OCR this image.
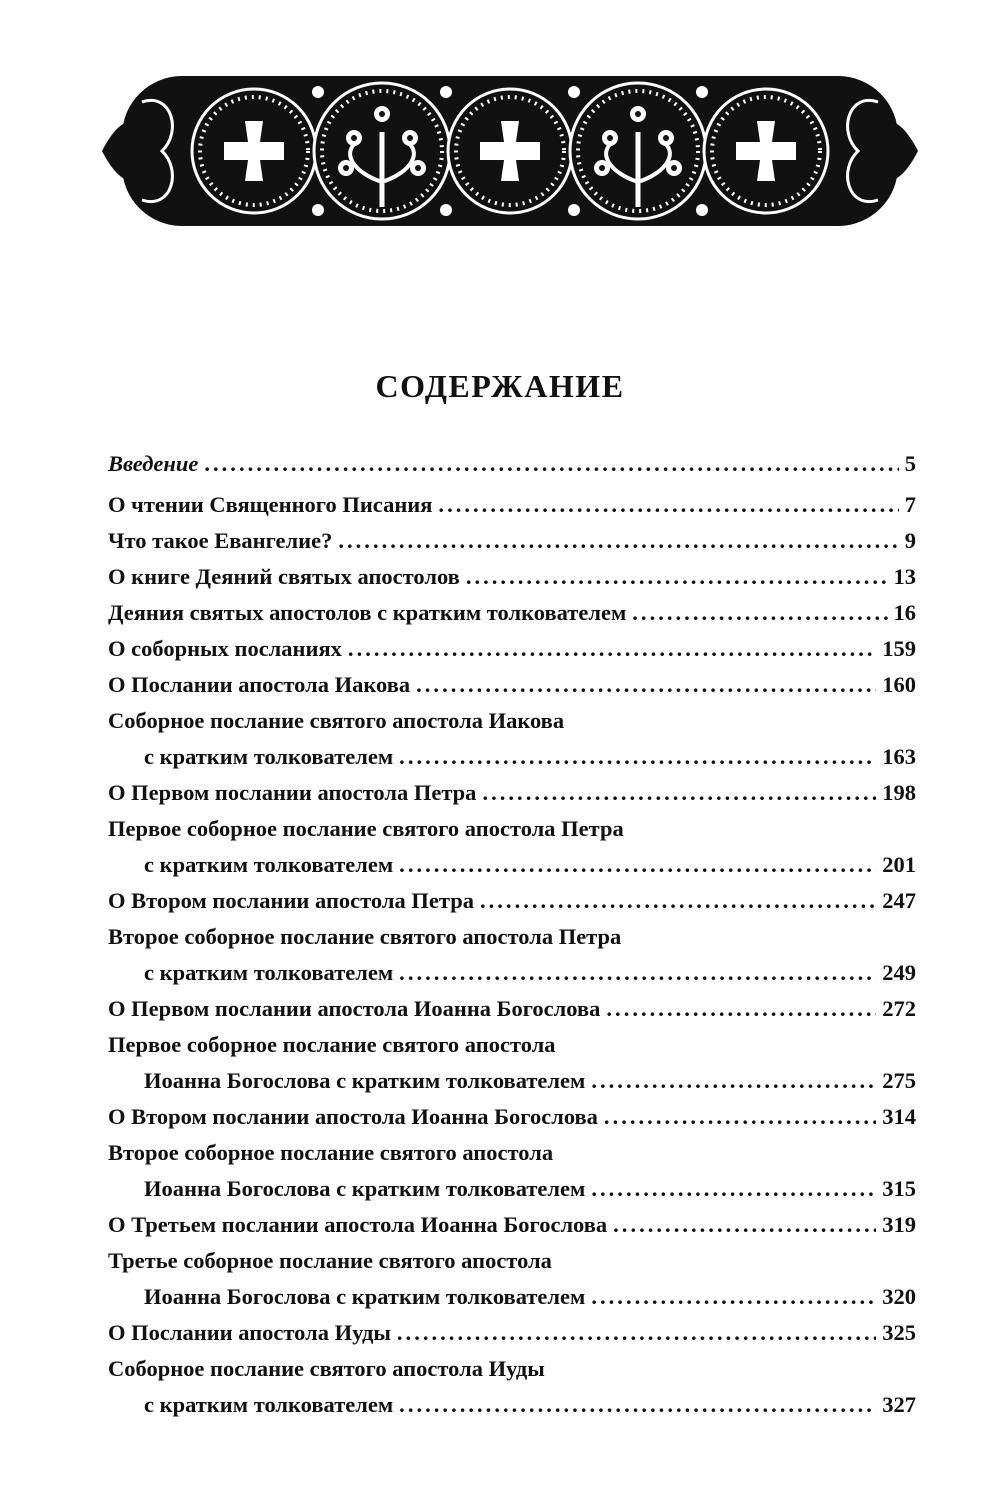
СОДЕРЖАНИЕ
Введение . . .	5
О чтении Священного Писания . . .	7
Что такое Евангелие? . . .	9
О книге Деяний святых апостолов . . .	13
Деяния святых апостолов с кратким толкователем . . .	16
О соборных посланиях . . .	159
О Послании апостола Иакова . . .	160
Соборное послание святого апостола Иакова
с кратким толкователем . . .	163
О Первом послании апостола Петра . . .	198
Первое соборное послание святого апостола Петра
с кратким толкователем . . .	201
О Втором послании апостола Петра . . .	247
Второе соборное послание святого апостола Петра
с кратким толкователем . . .	249
О Первом послании апостола Иоанна Богослова . . .	272
Первое соборное послание святого апостола
Иоанна Богослова с кратким толкователем . . .	275
О Втором послании апостола Иоанна Богослова . . .	314
Второе соборное послание святого апостола
Иоанна Богослова с кратким толкователем . . .	315
О Третьем послании апостола Иоанна Богослова . . .	319
Третье соборное послание святого апостола
Иоанна Богослова с кратким толкователем . . .	320
О Послании апостола Иуды . . .	325
Соборное послание святого апостола Иуды
с кратким толкователем . . .	327
